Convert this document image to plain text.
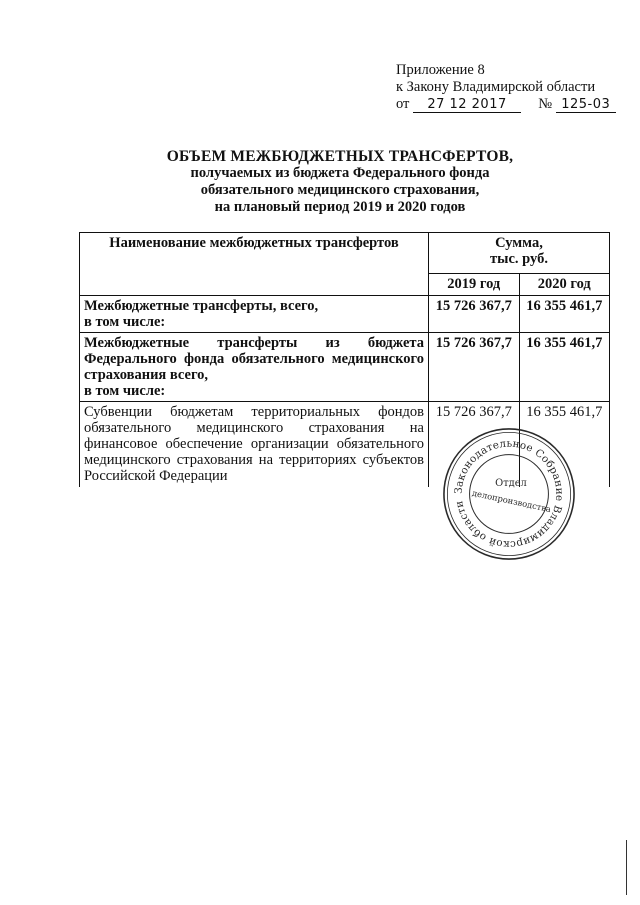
Приложение 8
к Закону Владимирской области
от 27 12 2017 № 125-03
ОБЪЕМ МЕЖБЮДЖЕТНЫХ ТРАНСФЕРТОВ,
получаемых из бюджета Федерального фонда
обязательного медицинского страхования,
на плановый период 2019 и 2020 годов
Наименование межбюджетных трансфертов	Сумма,
тыс. руб.	

	2019 год	2020 год

Межбюджетные трансферты, всего,
в том числе:	15 726 367,7	16 355 461,7

Межбюджетные трансферты из бюджета Федерального фонда обязательного медицинского страхования всего,
в том числе:	15 726 367,7	16 355 461,7
Субвенции бюджетам территориальных фондов обязательного медицинского страхования на финансовое обеспечение организации обязательного медицинского страхования на территориях субъектов Российской Федерации	15 726 367,7	16 355 461,7
Законодательное Собрание Владимирской области
Отдел
делопроизводства
